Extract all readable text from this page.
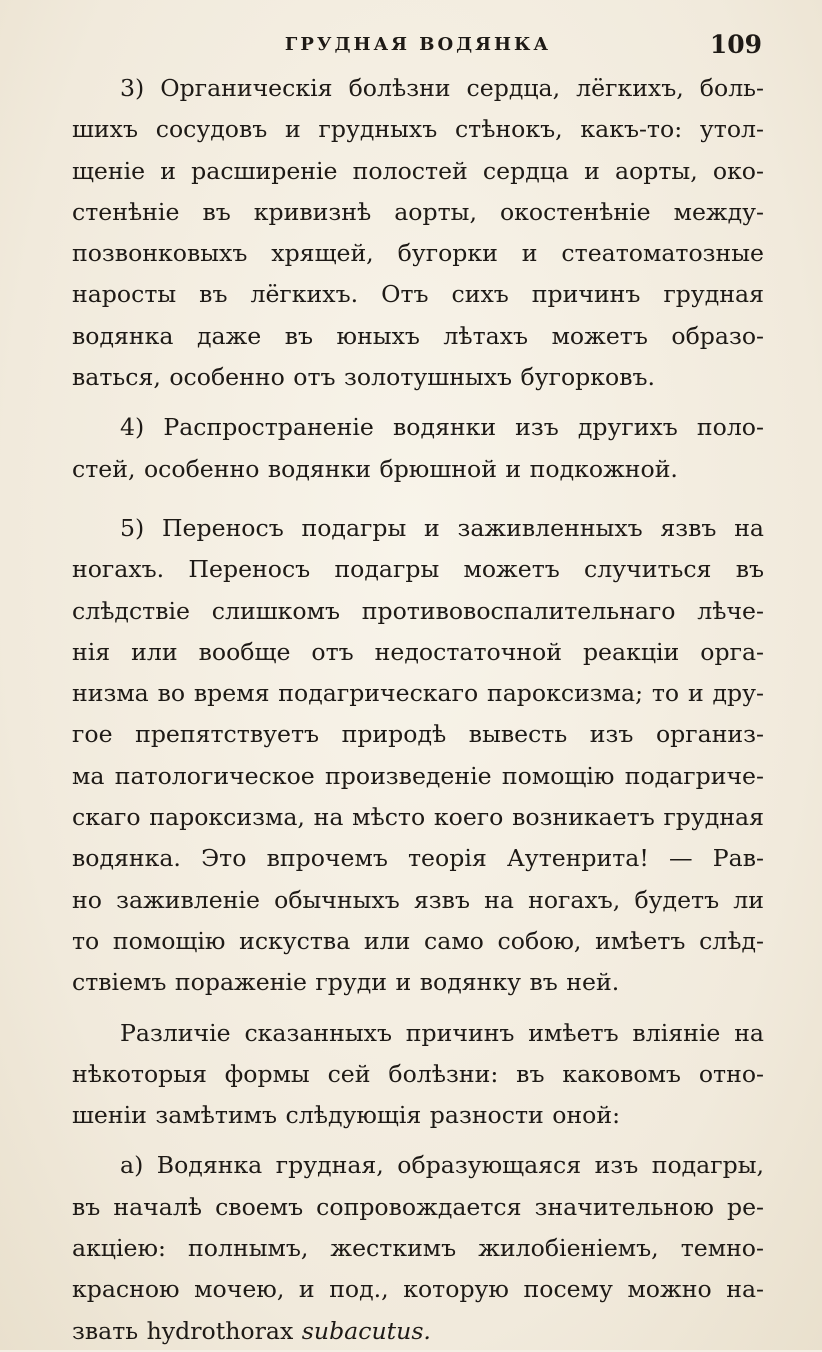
ГРУДНАЯ ВОДЯНКА	109
3) Органическія болѣзни сердца, лёгкихъ, боль-
шихъ сосудовъ и грудныхъ стѣнокъ, какъ-то: утол-
щеніе и расширеніе полостей сердца и аорты, око-
стенѣніе въ кривизнѣ аорты, окостенѣніе между-
позвонковыхъ хрящей, бугорки и стеатоматозные
наросты въ лёгкихъ. Отъ сихъ причинъ грудная
водянка даже въ юныхъ лѣтахъ можетъ образо-
ваться, особенно отъ золотушныхъ бугорковъ.
4) Распространеніе водянки изъ другихъ поло-
стей, особенно водянки брюшной и подкожной.
5) Переносъ подагры и заживленныхъ язвъ на
ногахъ. Переносъ подагры можетъ случиться въ
слѣдствіе слишкомъ противовоспалительнаго лѣче-
нія или вообще отъ недостаточной реакціи орга-
низма во время подагрическаго пароксизма; то и дру-
гое препятствуетъ природѣ вывесть изъ организ-
ма патологическое произведеніе помощію подагриче-
скаго пароксизма, на мѣсто коего возникаетъ грудная
водянка. Это впрочемъ теорія Аутенрита! — Рав-
но заживленіе обычныхъ язвъ на ногахъ, будетъ ли
то помощію искуства или само собою, имѣетъ слѣд-
ствіемъ пораженіе груди и водянку въ ней.
Различіе сказанныхъ причинъ имѣетъ вліяніе на
нѣкоторыя формы сей болѣзни: въ каковомъ отно-
шеніи замѣтимъ слѣдующія разности оной:
а) Водянка грудная, образующаяся изъ подагры,
въ началѣ своемъ сопровождается значительною ре-
акціею: полнымъ, жесткимъ жилобіеніемъ, темно-
красною мочею, и под., которую посему можно на-
звать hydrothorax subacutus.
